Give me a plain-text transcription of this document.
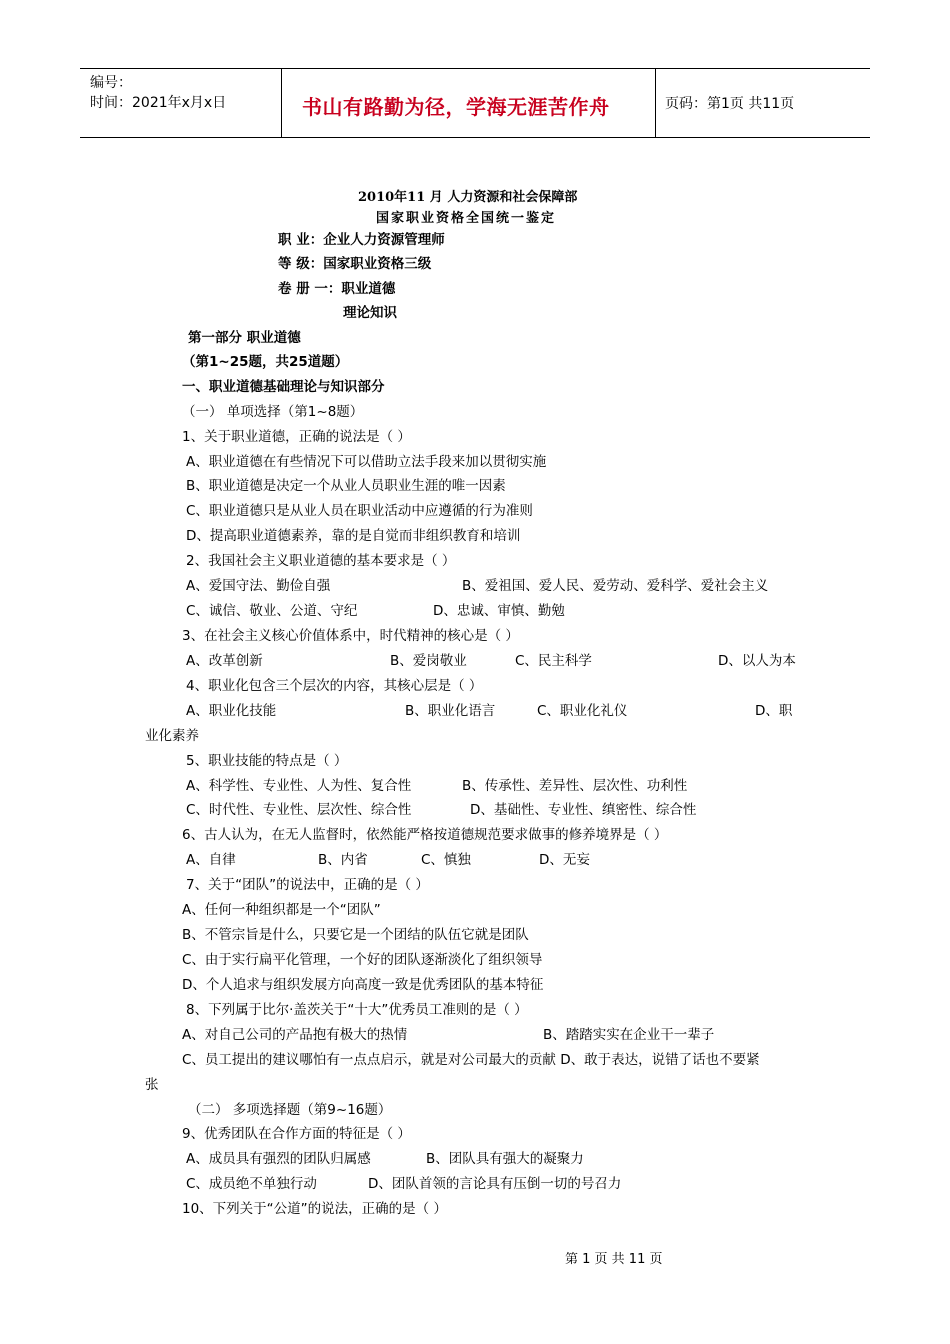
编号：
时间：2021年x月x日	书山有路勤为径，学海无涯苦作舟	页码：第1页 共11页
2010年11 月 人力资源和社会保障部
国家职业资格全国统一鉴定
职 业：企业人力资源管理师
等 级：国家职业资格三级
卷 册 一：职业道德
理论知识
第一部分 职业道德
（第1~25题，共25道题）
一、职业道德基础理论与知识部分
（一） 单项选择（第1~8题）
1、关于职业道德，正确的说法是（ ）
A、职业道德在有些情况下可以借助立法手段来加以贯彻实施
B、职业道德是决定一个从业人员职业生涯的唯一因素
C、职业道德只是从业人员在职业活动中应遵循的行为准则
D、提高职业道德素养，靠的是自觉而非组织教育和培训
2、我国社会主义职业道德的基本要求是（ ）
A、爱国守法、勤俭自强	B、爱祖国、爱人民、爱劳动、爱科学、爱社会主义
C、诚信、敬业、公道、守纪	D、忠诚、审慎、勤勉
3、在社会主义核心价值体系中，时代精神的核心是（ ）
A、改革创新	B、爱岗敬业	C、民主科学	D、以人为本
4、职业化包含三个层次的内容，其核心层是（ ）
A、职业化技能	B、职业化语言	C、职业化礼仪	D、职
业化素养
5、职业技能的特点是（ ）
A、科学性、专业性、人为性、复合性	B、传承性、差异性、层次性、功利性
C、时代性、专业性、层次性、综合性	D、基础性、专业性、缜密性、综合性
6、古人认为，在无人监督时，依然能严格按道德规范要求做事的修养境界是（ ）
A、自律	B、内省	C、慎独	D、无妄
7、关于“团队”的说法中，正确的是（ ）
A、任何一种组织都是一个“团队”
B、不管宗旨是什么，只要它是一个团结的队伍它就是团队
C、由于实行扁平化管理，一个好的团队逐渐淡化了组织领导
D、个人追求与组织发展方向高度一致是优秀团队的基本特征
8、下列属于比尔·盖茨关于“十大”优秀员工准则的是（ ）
A、对自己公司的产品抱有极大的热情	B、踏踏实实在企业干一辈子
C、员工提出的建议哪怕有一点点启示，就是对公司最大的贡献 D、敢于表达，说错了话也不要紧
张
（二） 多项选择题（第9~16题）
9、优秀团队在合作方面的特征是（ ）
A、成员具有强烈的团队归属感	B、团队具有强大的凝聚力
C、成员绝不单独行动	D、团队首领的言论具有压倒一切的号召力
10、下列关于“公道”的说法，正确的是（ ）
第 1 页 共 11 页
